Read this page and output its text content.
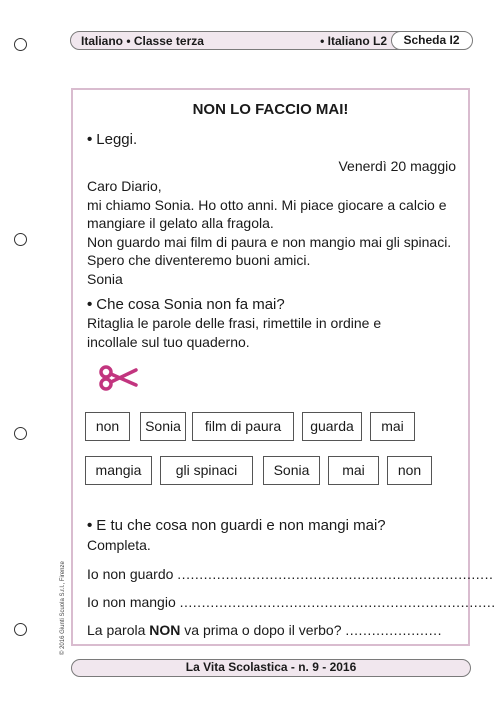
Italiano • Classe terza	• Italiano L2	Scheda I2
© 2016 Giunti Scuola S.r.l., Firenze
NON LO FACCIO MAI!
• Leggi.
Venerdì 20 maggio
Caro Diario,
mi chiamo Sonia. Ho otto anni. Mi piace giocare a calcio e
mangiare il gelato alla fragola.
Non guardo mai film di paura e non mangio mai gli spinaci.
Spero che diventeremo buoni amici.
Sonia
• Che cosa Sonia non fa mai?
Ritaglia le parole delle frasi, rimettile in ordine e
incollale sul tuo quaderno.
non	Sonia	film di paura	guarda	mai
mangia	gli spinaci	Sonia	mai	non
• E tu che cosa non guardi e non mangi mai?
Completa.
Io non guardo ........................................................................
Io non mangio ........................................................................
La parola NON va prima o dopo il verbo? ......................
La Vita Scolastica - n. 9 - 2016
